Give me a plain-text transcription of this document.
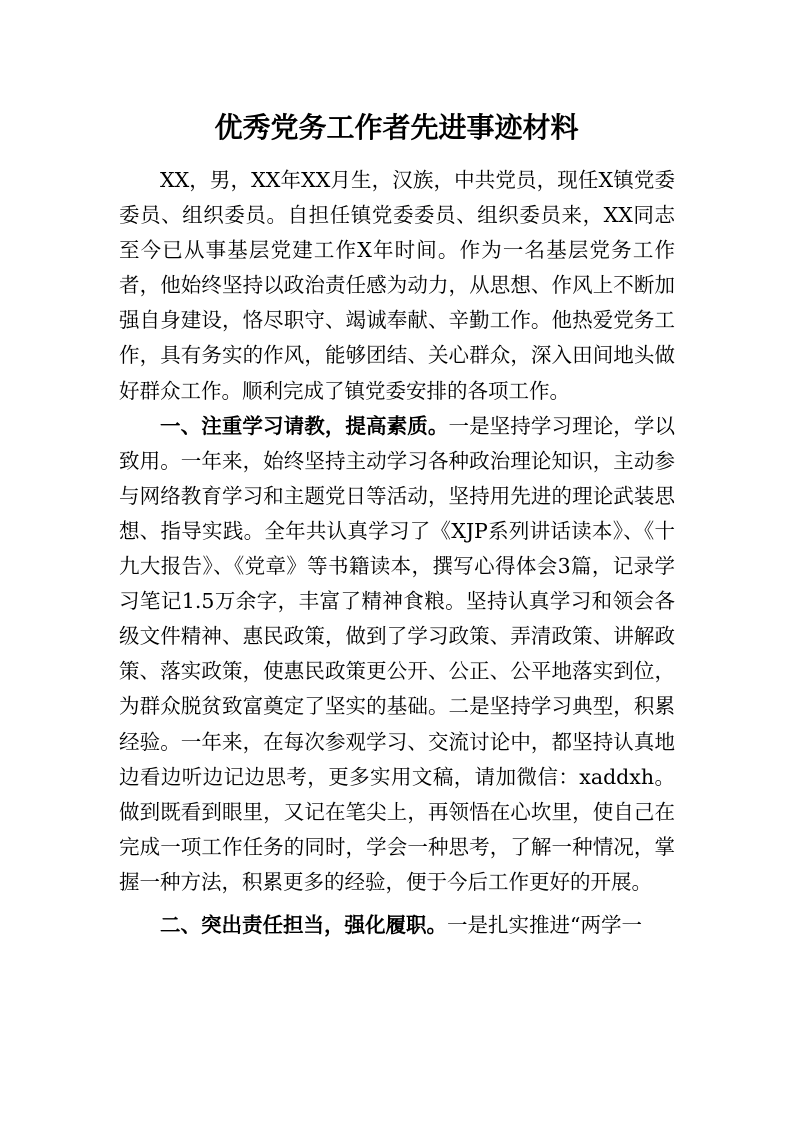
优秀党务工作者先进事迹材料

XX，男，XX年XX月生，汉族，中共党员，现任X镇党委委员、组织委员。自担任镇党委委员、组织委员来，XX同志至今已从事基层党建工作X年时间。作为一名基层党务工作者，他始终坚持以政治责任感为动力，从思想、作风上不断加强自身建设，恪尽职守、竭诚奉献、辛勤工作。他热爱党务工作，具有务实的作风，能够团结、关心群众，深入田间地头做好群众工作。顺利完成了镇党委安排的各项工作。

一、注重学习请教，提高素质。一是坚持学习理论，学以致用。一年来，始终坚持主动学习各种政治理论知识，主动参与网络教育学习和主题党日等活动，坚持用先进的理论武装思想、指导实践。全年共认真学习了《XJP系列讲话读本》、《十九大报告》、《党章》等书籍读本，撰写心得体会3篇，记录学习笔记1.5万余字，丰富了精神食粮。坚持认真学习和领会各级文件精神、惠民政策，做到了学习政策、弄清政策、讲解政策、落实政策，使惠民政策更公开、公正、公平地落实到位，为群众脱贫致富奠定了坚实的基础。二是坚持学习典型，积累经验。一年来，在每次参观学习、交流讨论中，都坚持认真地边看边听边记边思考，更多实用文稿，请加微信：xaddxh。做到既看到眼里，又记在笔尖上，再领悟在心坎里，使自己在完成一项工作任务的同时，学会一种思考，了解一种情况，掌握一种方法，积累更多的经验，便于今后工作更好的开展。

二、突出责任担当，强化履职。一是扎实推进“两学一
